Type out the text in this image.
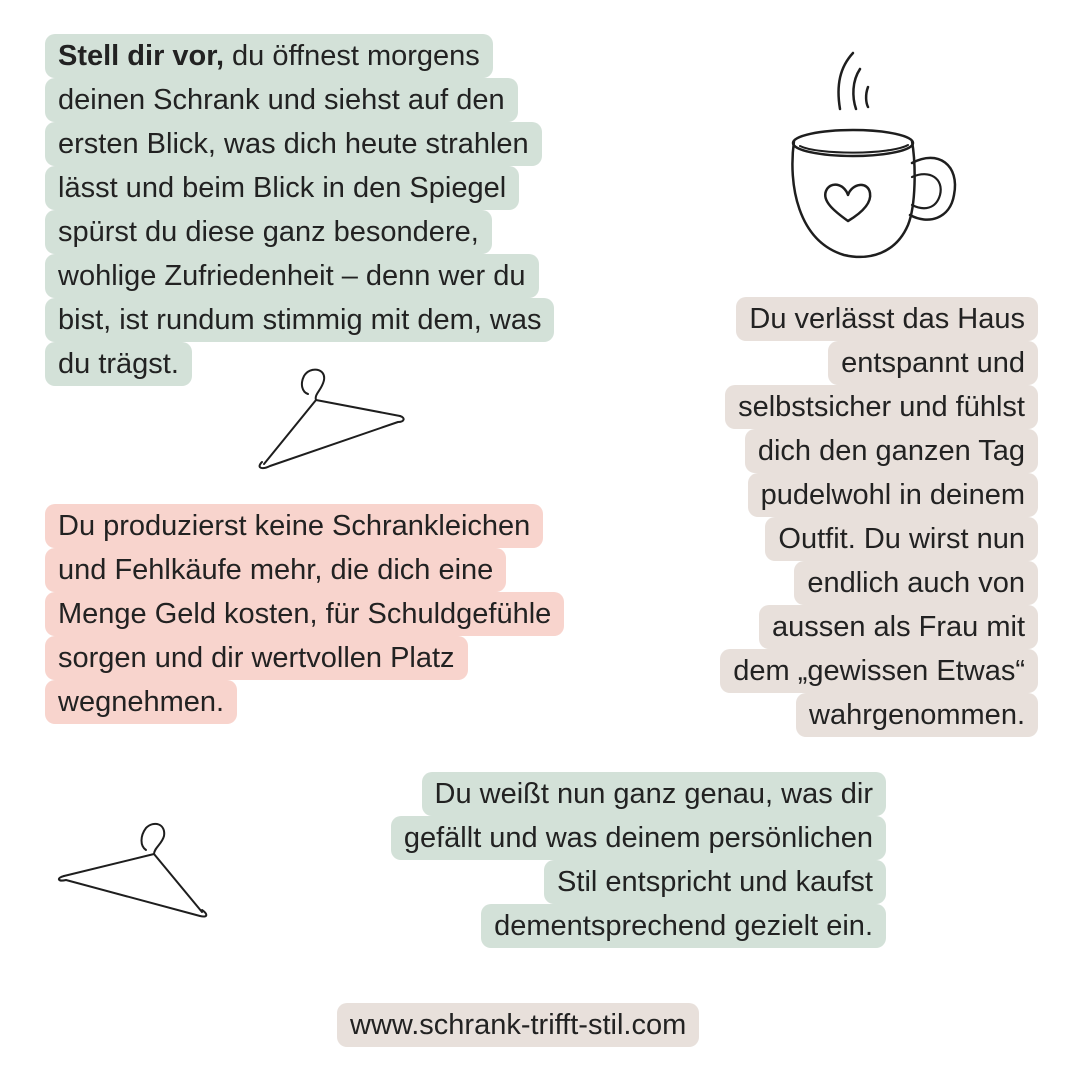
Stell dir vor, du öffnest morgens
deinen Schrank und siehst auf den
ersten Blick, was dich heute strahlen
lässt und beim Blick in den Spiegel
spürst du diese ganz besondere,
wohlige Zufriedenheit – denn wer du
bist, ist rundum stimmig mit dem, was
du trägst.
Du verlässt das Haus
entspannt und
selbstsicher und fühlst
dich den ganzen Tag
pudelwohl in deinem
Outfit. Du wirst nun
endlich auch von
aussen als Frau mit
dem „gewissen Etwas“
wahrgenommen.
Du produzierst keine Schrankleichen
und Fehlkäufe mehr, die dich eine
Menge Geld kosten, für Schuldgefühle
sorgen und dir wertvollen Platz
wegnehmen.
Du weißt nun ganz genau, was dir
gefällt und was deinem persönlichen
Stil entspricht und kaufst
dementsprechend gezielt ein.
www.schrank-trifft-stil.com
